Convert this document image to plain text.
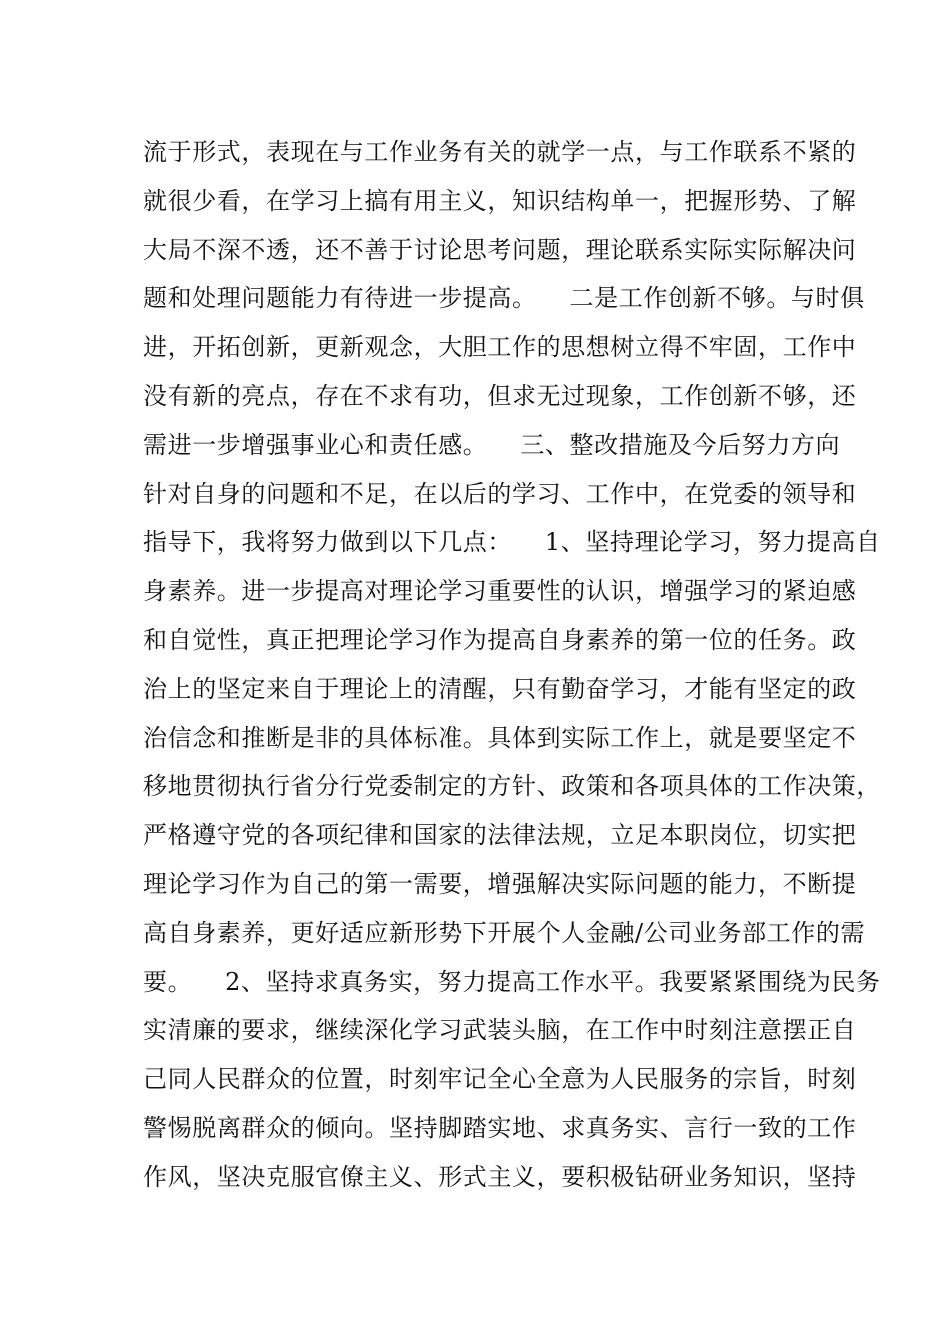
流于形式，表现在与工作业务有关的就学一点，与工作联系不紧的
就很少看，在学习上搞有用主义，知识结构单一，把握形势、了解
大局不深不透，还不善于讨论思考问题，理论联系实际实际解决问
题和处理问题能力有待进一步提高。    二是工作创新不够。与时俱
进，开拓创新，更新观念，大胆工作的思想树立得不牢固，工作中
没有新的亮点，存在不求有功，但求无过现象，工作创新不够，还
需进一步增强事业心和责任感。    三、整改措施及今后努力方向
针对自身的问题和不足，在以后的学习、工作中，在党委的领导和
指导下，我将努力做到以下几点：    1、坚持理论学习，努力提高自
身素养。进一步提高对理论学习重要性的认识，增强学习的紧迫感
和自觉性，真正把理论学习作为提高自身素养的第一位的任务。政
治上的坚定来自于理论上的清醒，只有勤奋学习，才能有坚定的政
治信念和推断是非的具体标准。具体到实际工作上，就是要坚定不
移地贯彻执行省分行党委制定的方针、政策和各项具体的工作决策，
严格遵守党的各项纪律和国家的法律法规，立足本职岗位，切实把
理论学习作为自己的第一需要，增强解决实际问题的能力，不断提
高自身素养，更好适应新形势下开展个人金融/公司业务部工作的需
要。    2、坚持求真务实，努力提高工作水平。我要紧紧围绕为民务
实清廉的要求，继续深化学习武装头脑，在工作中时刻注意摆正自
己同人民群众的位置，时刻牢记全心全意为人民服务的宗旨，时刻
警惕脱离群众的倾向。坚持脚踏实地、求真务实、言行一致的工作
作风，坚决克服官僚主义、形式主义，要积极钻研业务知识，坚持
